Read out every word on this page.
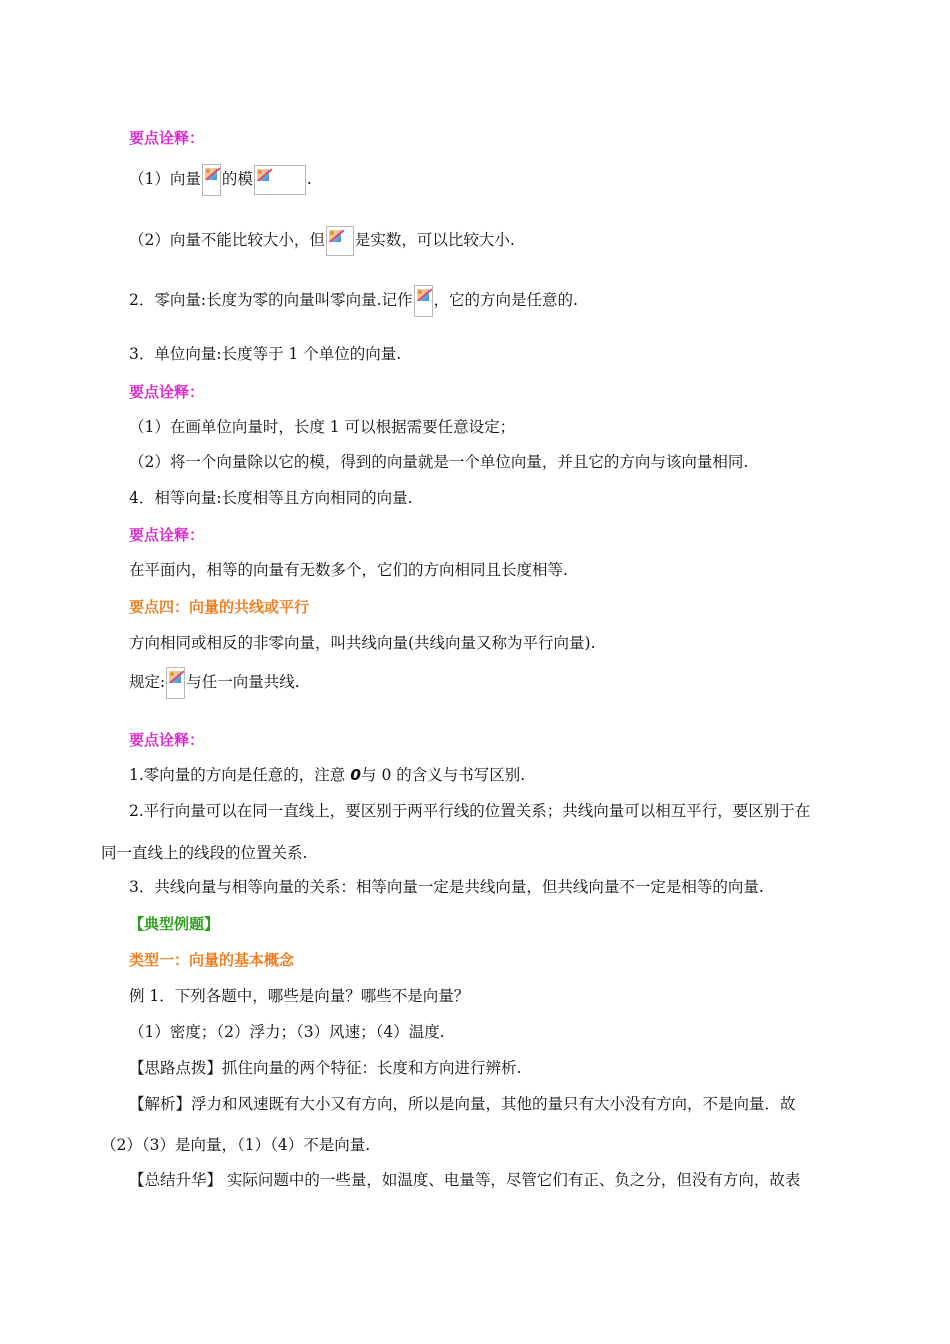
要点诠释：
（1）向量 的模	.
（2）向量不能比较大小，但 是实数，可以比较大小.
2．零向量:长度为零的向量叫零向量.记作 ，它的方向是任意的.
3．单位向量:长度等于 1 个单位的向量.
要点诠释：
（1）在画单位向量时，长度 1 可以根据需要任意设定；
（2）将一个向量除以它的模，得到的向量就是一个单位向量，并且它的方向与该向量相同.
4．相等向量:长度相等且方向相同的向量.
要点诠释：
在平面内，相等的向量有无数多个，它们的方向相同且长度相等.
要点四：向量的共线或平行
方向相同或相反的非零向量，叫共线向量(共线向量又称为平行向量).
规定: 与任一向量共线.
要点诠释：
1.零向量的方向是任意的，注意 0与 0 的含义与书写区别.
2.平行向量可以在同一直线上，要区别于两平行线的位置关系；共线向量可以相互平行，要区别于在
同一直线上的线段的位置关系.
3．共线向量与相等向量的关系：相等向量一定是共线向量，但共线向量不一定是相等的向量.
【典型例题】
类型一：向量的基本概念
例 1．下列各题中，哪些是向量？哪些不是向量？
（1）密度；（2）浮力；（3）风速；（4）温度.
【思路点拨】抓住向量的两个特征：长度和方向进行辨析.
【解析】浮力和风速既有大小又有方向，所以是向量，其他的量只有大小没有方向，不是向量．故
（2）（3）是向量，（1）（4）不是向量.
【总结升华】 实际问题中的一些量，如温度、电量等，尽管它们有正、负之分，但没有方向，故表
